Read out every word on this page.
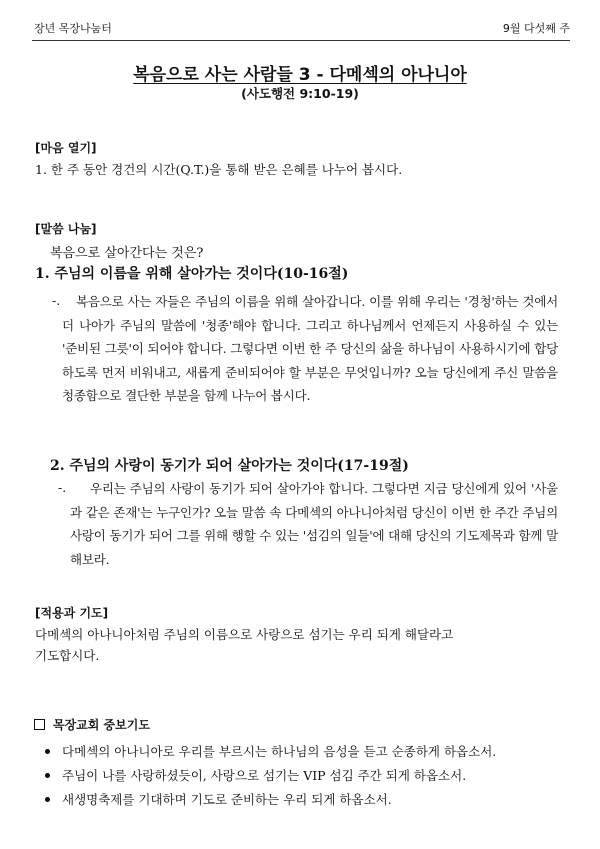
장년 목장나눔터	9월 다섯째 주
복음으로 사는 사람들 3 - 다메섹의 아나니아
(사도행전 9:10-19)
[마음 열기]
1. 한 주 동안 경건의 시간(Q.T.)을 통해 받은 은혜를 나누어 봅시다.
[말씀 나눔]
복음으로 살아간다는 것은?
1. 주님의 이름을 위해 살아가는 것이다(10-16절)
-.	복음으로 사는 자들은 주님의 이름을 위해 살아갑니다. 이를 위해 우리는 '경청'하는 것에서 더 나아가 주님의 말씀에 '청종'해야 합니다. 그리고 하나님께서 언제든지 사용하실 수 있는 '준비된 그릇'이 되어야 합니다. 그렇다면 이번 한 주 당신의 삶을 하나님이 사용하시기에 합당하도록 먼저 비워내고, 새롭게 준비되어야 할 부분은 무엇입니까? 오늘 당신에게 주신 말씀을 청종함으로 결단한 부분을 함께 나누어 봅시다.
2. 주님의 사랑이 동기가 되어 살아가는 것이다(17-19절)
-.	우리는 주님의 사랑이 동기가 되어 살아가야 합니다. 그렇다면 지금 당신에게 있어 '사울과 같은 존재'는 누구인가? 오늘 말씀 속 다메섹의 아나니아처럼 당신이 이번 한 주간 주님의 사랑이 동기가 되어 그를 위해 행할 수 있는 '섬김의 일들'에 대해 당신의 기도제목과 함께 말해보라.
[적용과 기도]
다메섹의 아나니아처럼 주님의 이름으로 사랑으로 섬기는 우리 되게 해달라고
기도합시다.
목장교회 중보기도
다메섹의 아나니아로 우리를 부르시는 하나님의 음성을 듣고 순종하게 하옵소서.
주님이 나를 사랑하셨듯이, 사랑으로 섬기는 VIP 섬김 주간 되게 하옵소서.
새생명축제를 기대하며 기도로 준비하는 우리 되게 하옵소서.
